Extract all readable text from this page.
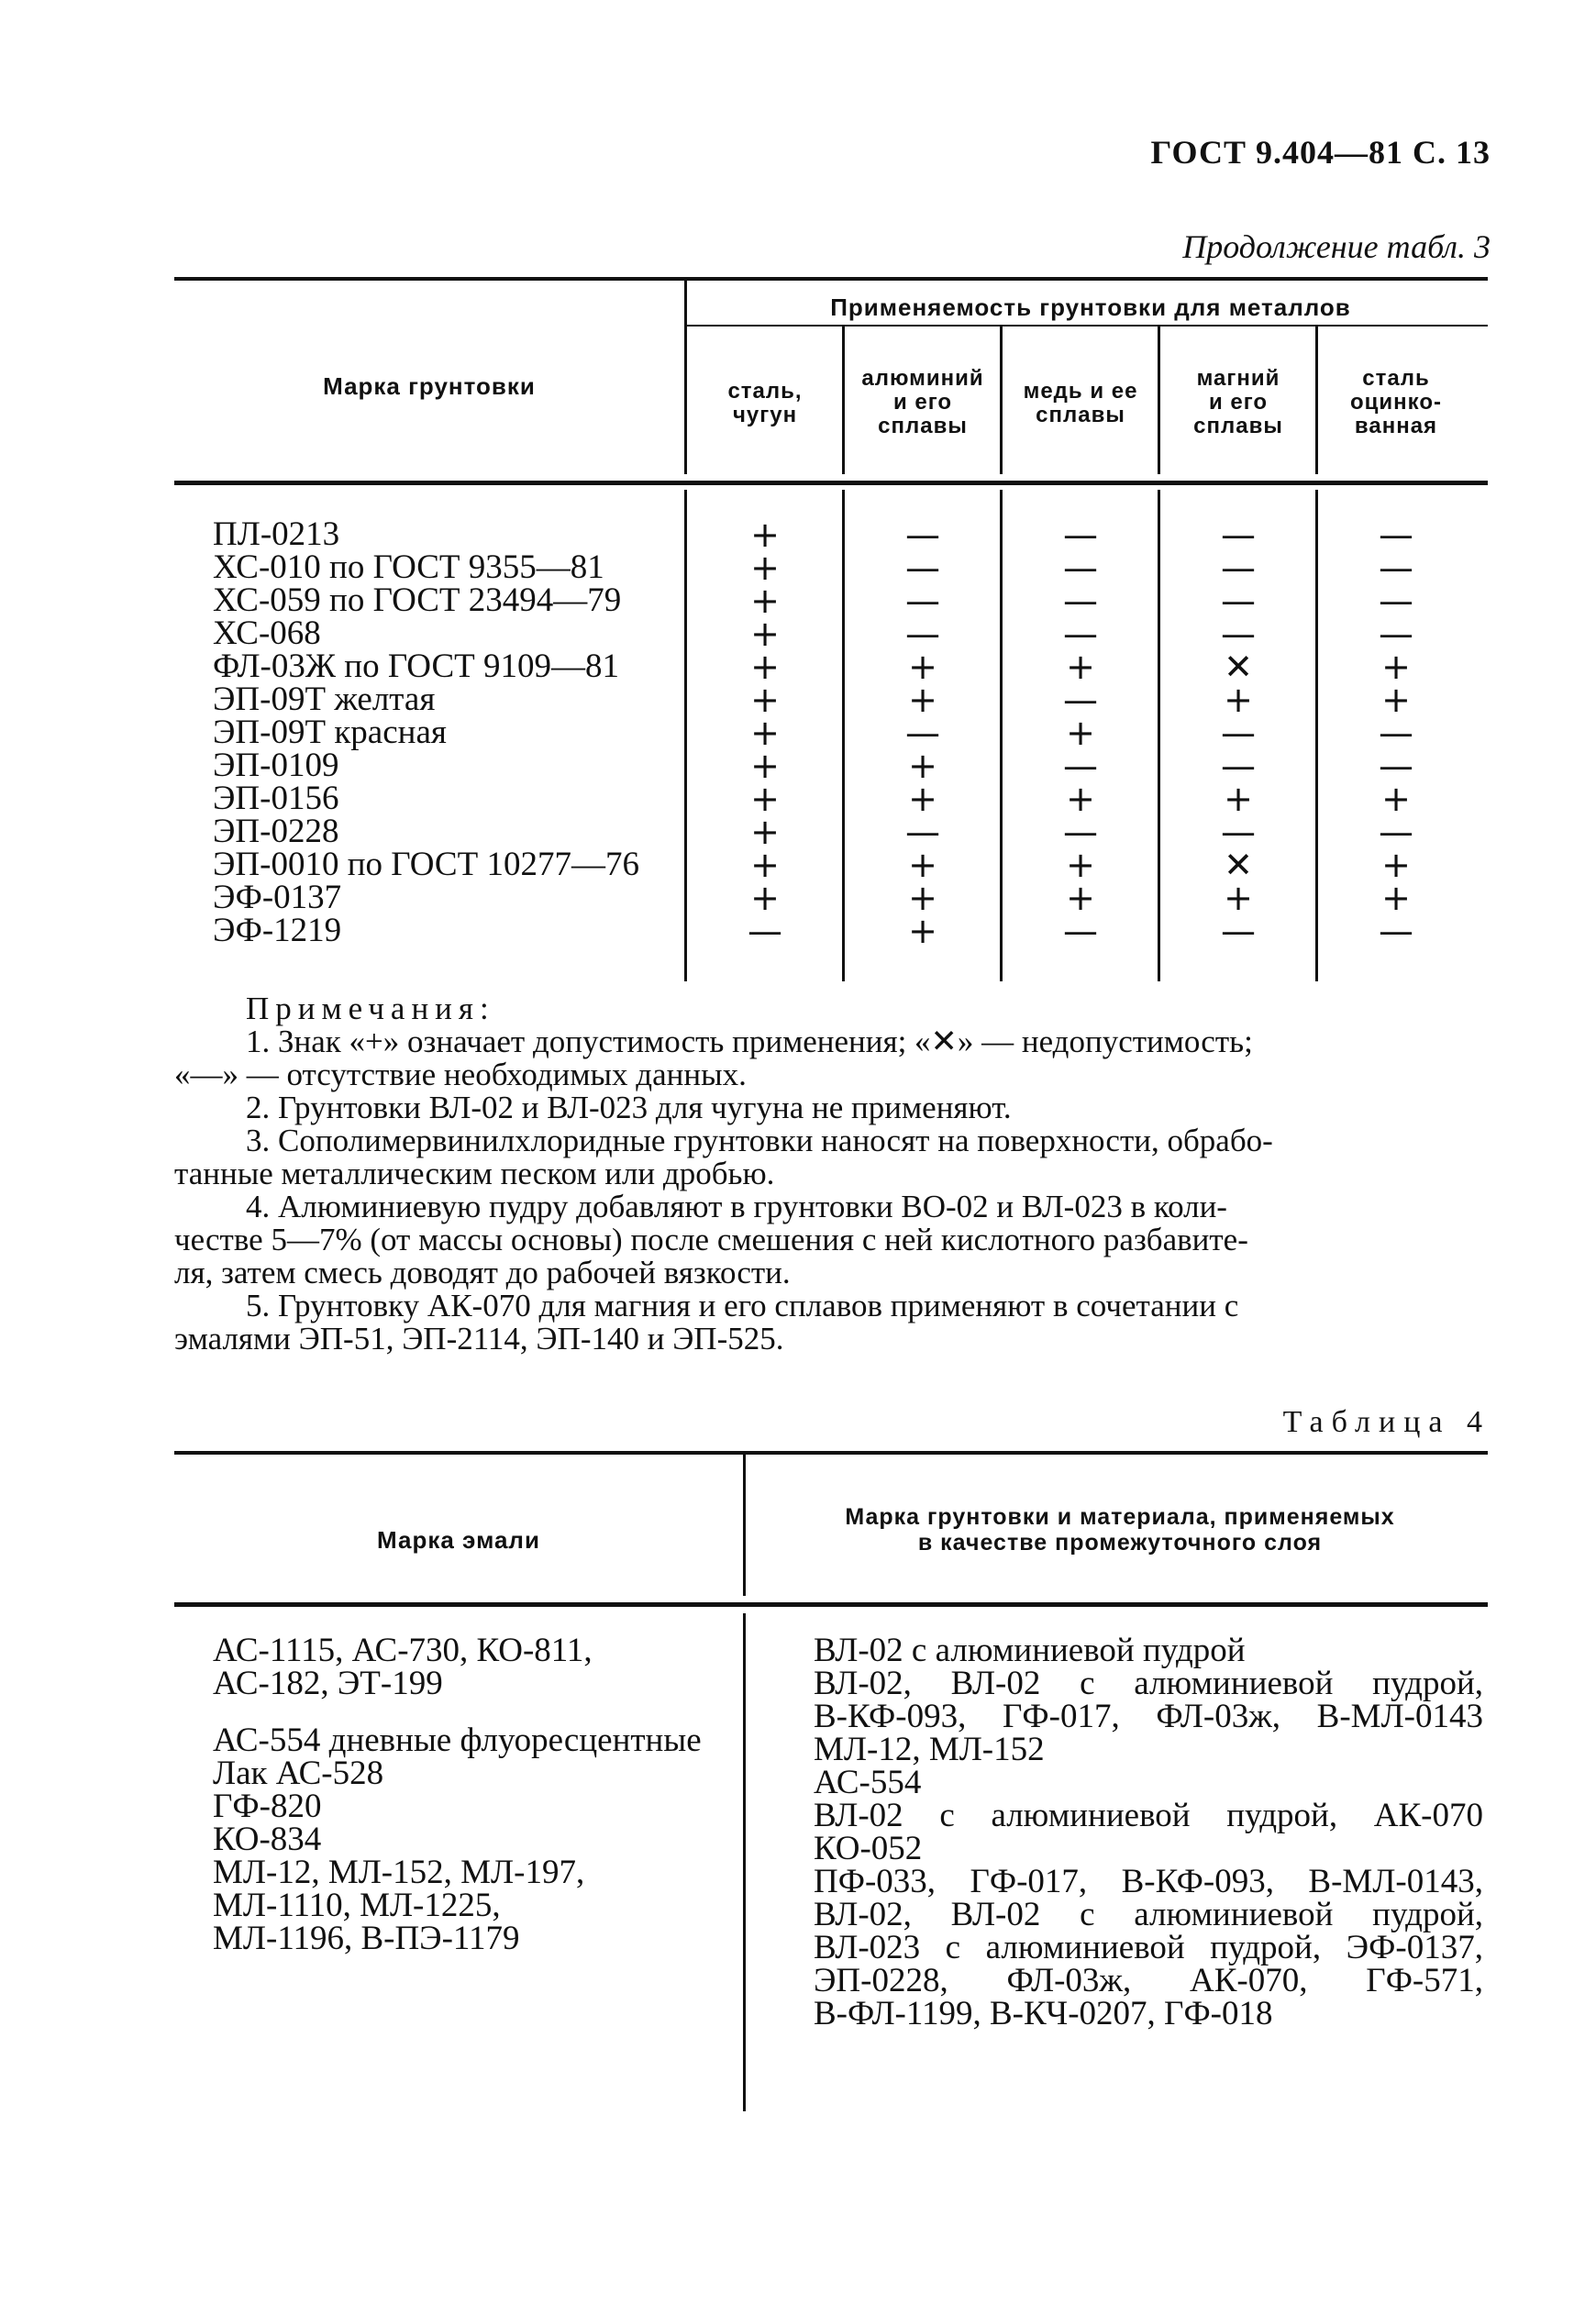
ГОСТ 9.404—81 С. 13
Продолжение табл. 3
Марка грунтовки
Применяемость грунтовки для металлов
сталь,
чугун
алюминий
и его
сплавы
медь и ее
сплавы
магний
и его
сплавы
сталь
оцинко-
ванная
ПЛ-0213
ХС-010 по ГОСТ 9355—81
ХС-059 по ГОСТ 23494—79
ХС-068
ФЛ-03Ж по ГОСТ 9109—81
ЭП-09Т желтая
ЭП-09Т красная
ЭП-0109
ЭП-0156
ЭП-0228
ЭП-0010 по ГОСТ 10277—76
ЭФ-0137
ЭФ-1219
+
+
+
+
+
+
+
+
+
+
+
+
—
—
—
—
—
+
+
—
+
+
—
+
+
+
—
—
—
—
+
—
+
—
+
—
+
+
—
—
—
—
—
✕
+
—
—
+
—
✕
+
—
—
—
—
—
+
+
—
—
+
—
+
+
—

Примечания:

1. Знак «+» означает допустимость применения; «✕» — недопустимость;

«—» — отсутствие необходимых данных.

2. Грунтовки ВЛ-02 и ВЛ-023 для чугуна не применяют.

3. Сополимервинилхлоридные грунтовки наносят на поверхности, обрабо-

танные металлическим песком или дробью.

4. Алюминиевую пудру добавляют в грунтовки ВО-02 и ВЛ-023 в коли-

честве 5—7% (от массы основы) после смешения с ней кислотного разбавите-

ля, затем смесь доводят до рабочей вязкости.

5. Грунтовку АК-070 для магния и его сплавов применяют в сочетании с

эмалями ЭП-51, ЭП-2114, ЭП-140 и ЭП-525.

Таблица 4
Марка эмали
Марка грунтовки и материала, применяемых
в качестве промежуточного слоя
АС-1115, АС-730, КО-811,
АС-182, ЭТ-199
АС-554 дневные флуоресцентные
Лак АС-528
ГФ-820
КО-834
МЛ-12, МЛ-152, МЛ-197,
МЛ-1110, МЛ-1225,
МЛ-1196, В-ПЭ-1179
ВЛ-02 с алюминиевой пудрой
ВЛ-02, ВЛ-02 с алюминиевой пудрой,
В-КФ-093, ГФ-017, ФЛ-03ж, В-МЛ-0143
МЛ-12, МЛ-152
АС-554
ВЛ-02 с алюминиевой пудрой, АК-070
КО-052
ПФ-033, ГФ-017, В-КФ-093, В-МЛ-0143,
ВЛ-02, ВЛ-02 с алюминиевой пудрой,
ВЛ-023 с алюминиевой пудрой, ЭФ-0137,
ЭП-0228, ФЛ-03ж, АК-070, ГФ-571,
В-ФЛ-1199, В-КЧ-0207, ГФ-018
